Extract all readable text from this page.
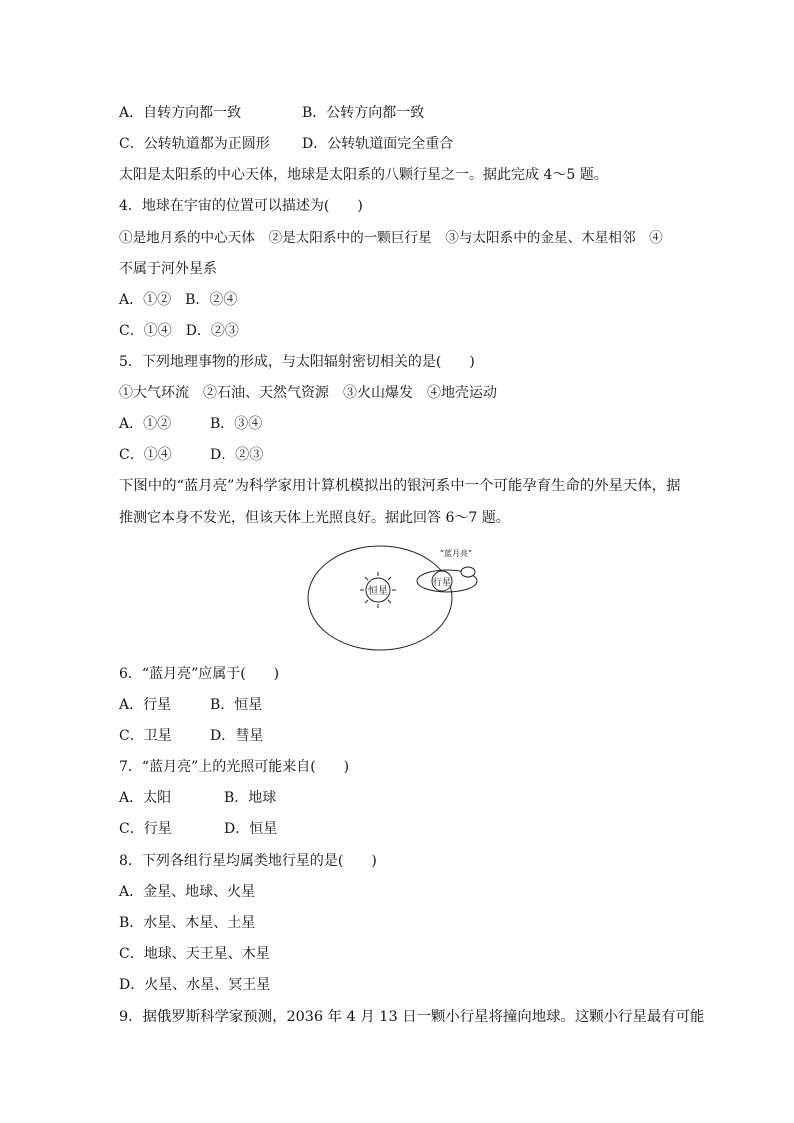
A．自转方向都一致	B．公转方向都一致
C．公转轨道都为正圆形 D．公转轨道面完全重合
太阳是太阳系的中心天体，地球是太阳系的八颗行星之一。据此完成 4～5 题。
4．地球在宇宙的位置可以描述为(　　)
①是地月系的中心天体　②是太阳系中的一颗巨行星　③与太阳系中的金星、木星相邻　④
不属于河外星系
A．①②　B．②④
C．①④　D．②③
5．下列地理事物的形成，与太阳辐射密切相关的是(　　)
①大气环流　②石油、天然气资源　③火山爆发　④地壳运动
A．①②	B．③④
C．①④	D．②③
下图中的“蓝月亮”为科学家用计算机模拟出的银河系中一个可能孕育生命的外星天体，据
推测它本身不发光，但该天体上光照良好。据此回答 6～7 题。
恒星
行星
“蓝月亮”
6．“蓝月亮”应属于(　　)
A．行星	B．恒星
C．卫星	D．彗星
7．“蓝月亮”上的光照可能来自(　　)
A．太阳	B．地球
C．行星	D．恒星
8．下列各组行星均属类地行星的是(　　)
A．金星、地球、火星
B．水星、木星、土星
C．地球、天王星、木星
D．火星、水星、冥王星
9．据俄罗斯科学家预测，2036 年 4 月 13 日一颗小行星将撞向地球。这颗小行星最有可能
